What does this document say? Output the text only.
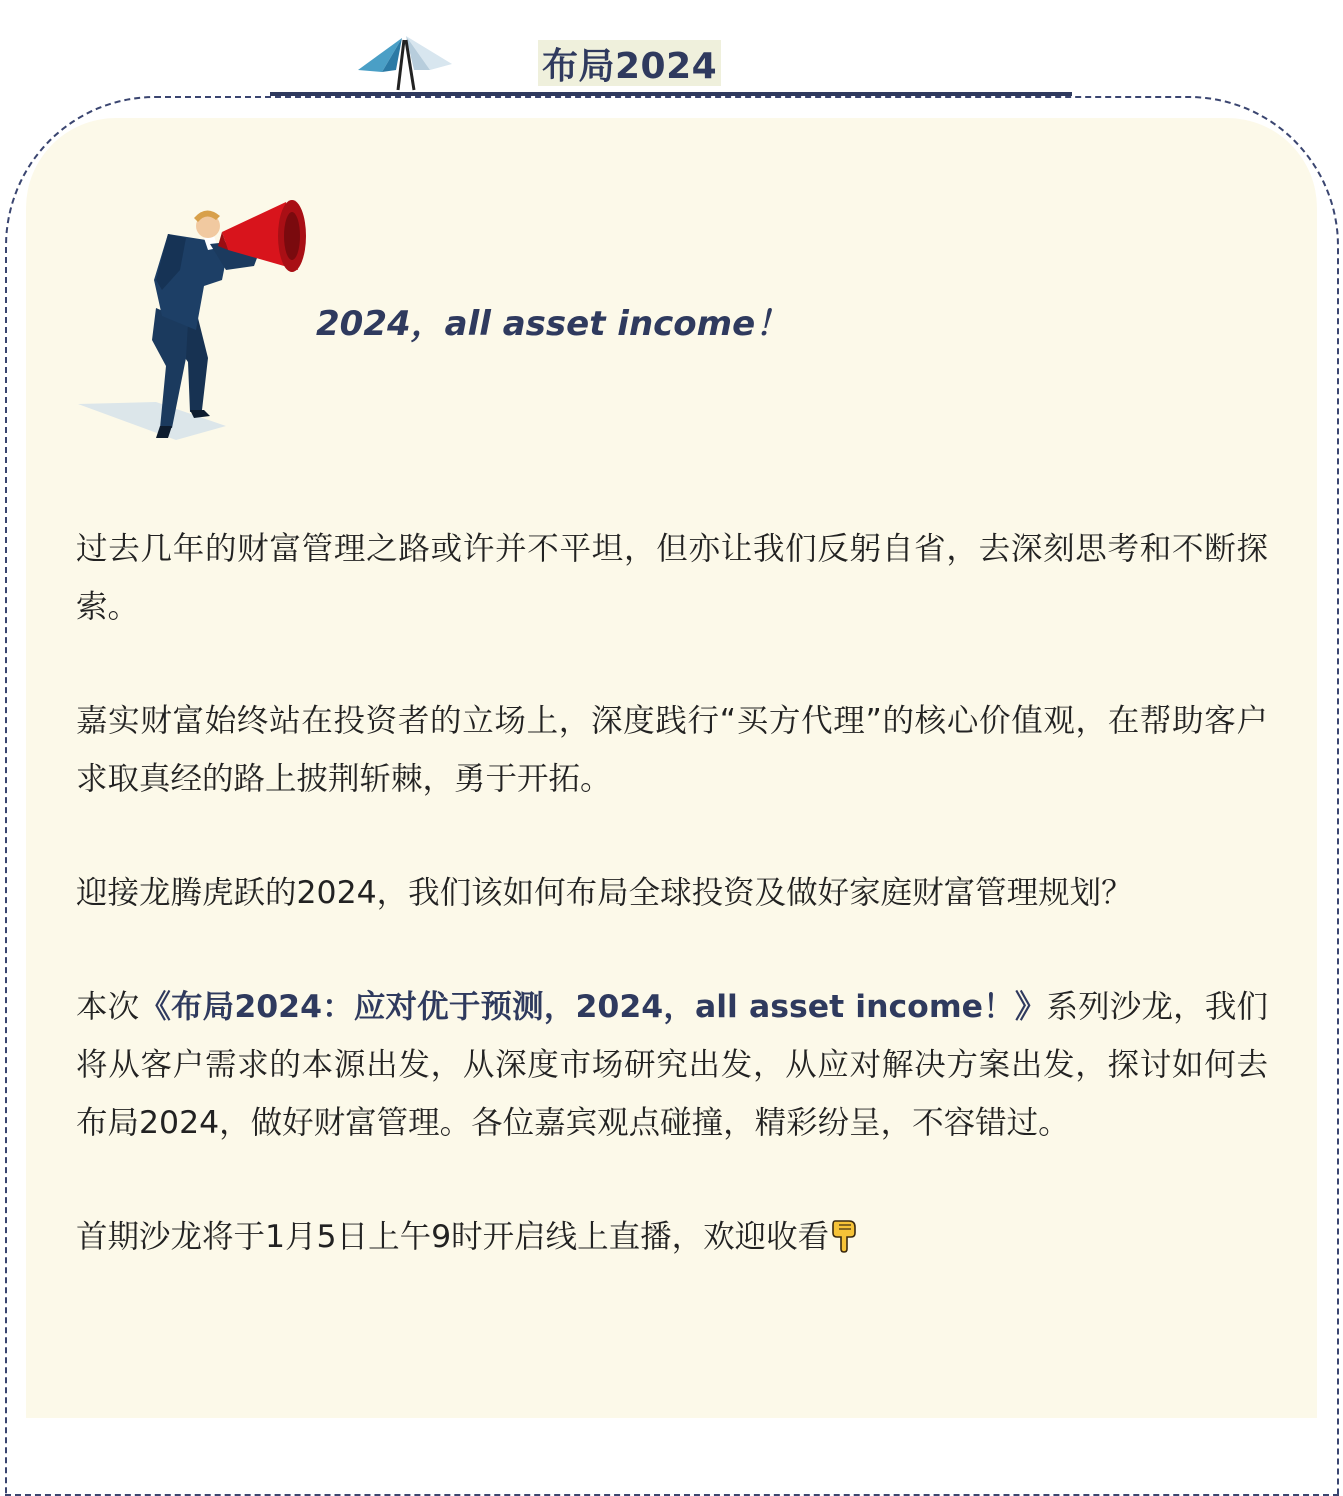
布局2024
2024，all asset income！

过去几年的财富管理之路或许并不平坦，但亦让我们反躬自省，去深刻思考和不断探索。

嘉实财富始终站在投资者的立场上，深度践行“买方代理”的核心价值观，在帮助客户求取真经的路上披荆斩棘，勇于开拓。

迎接龙腾虎跃的2024，我们该如何布局全球投资及做好家庭财富管理规划？

本次《布局2024：应对优于预测，2024，all asset income！》系列沙龙，我们将从客户需求的本源出发，从深度市场研究出发，从应对解决方案出发，探讨如何去布局2024，做好财富管理。各位嘉宾观点碰撞，精彩纷呈，不容错过。

首期沙龙将于1月5日上午9时开启线上直播，欢迎收看
